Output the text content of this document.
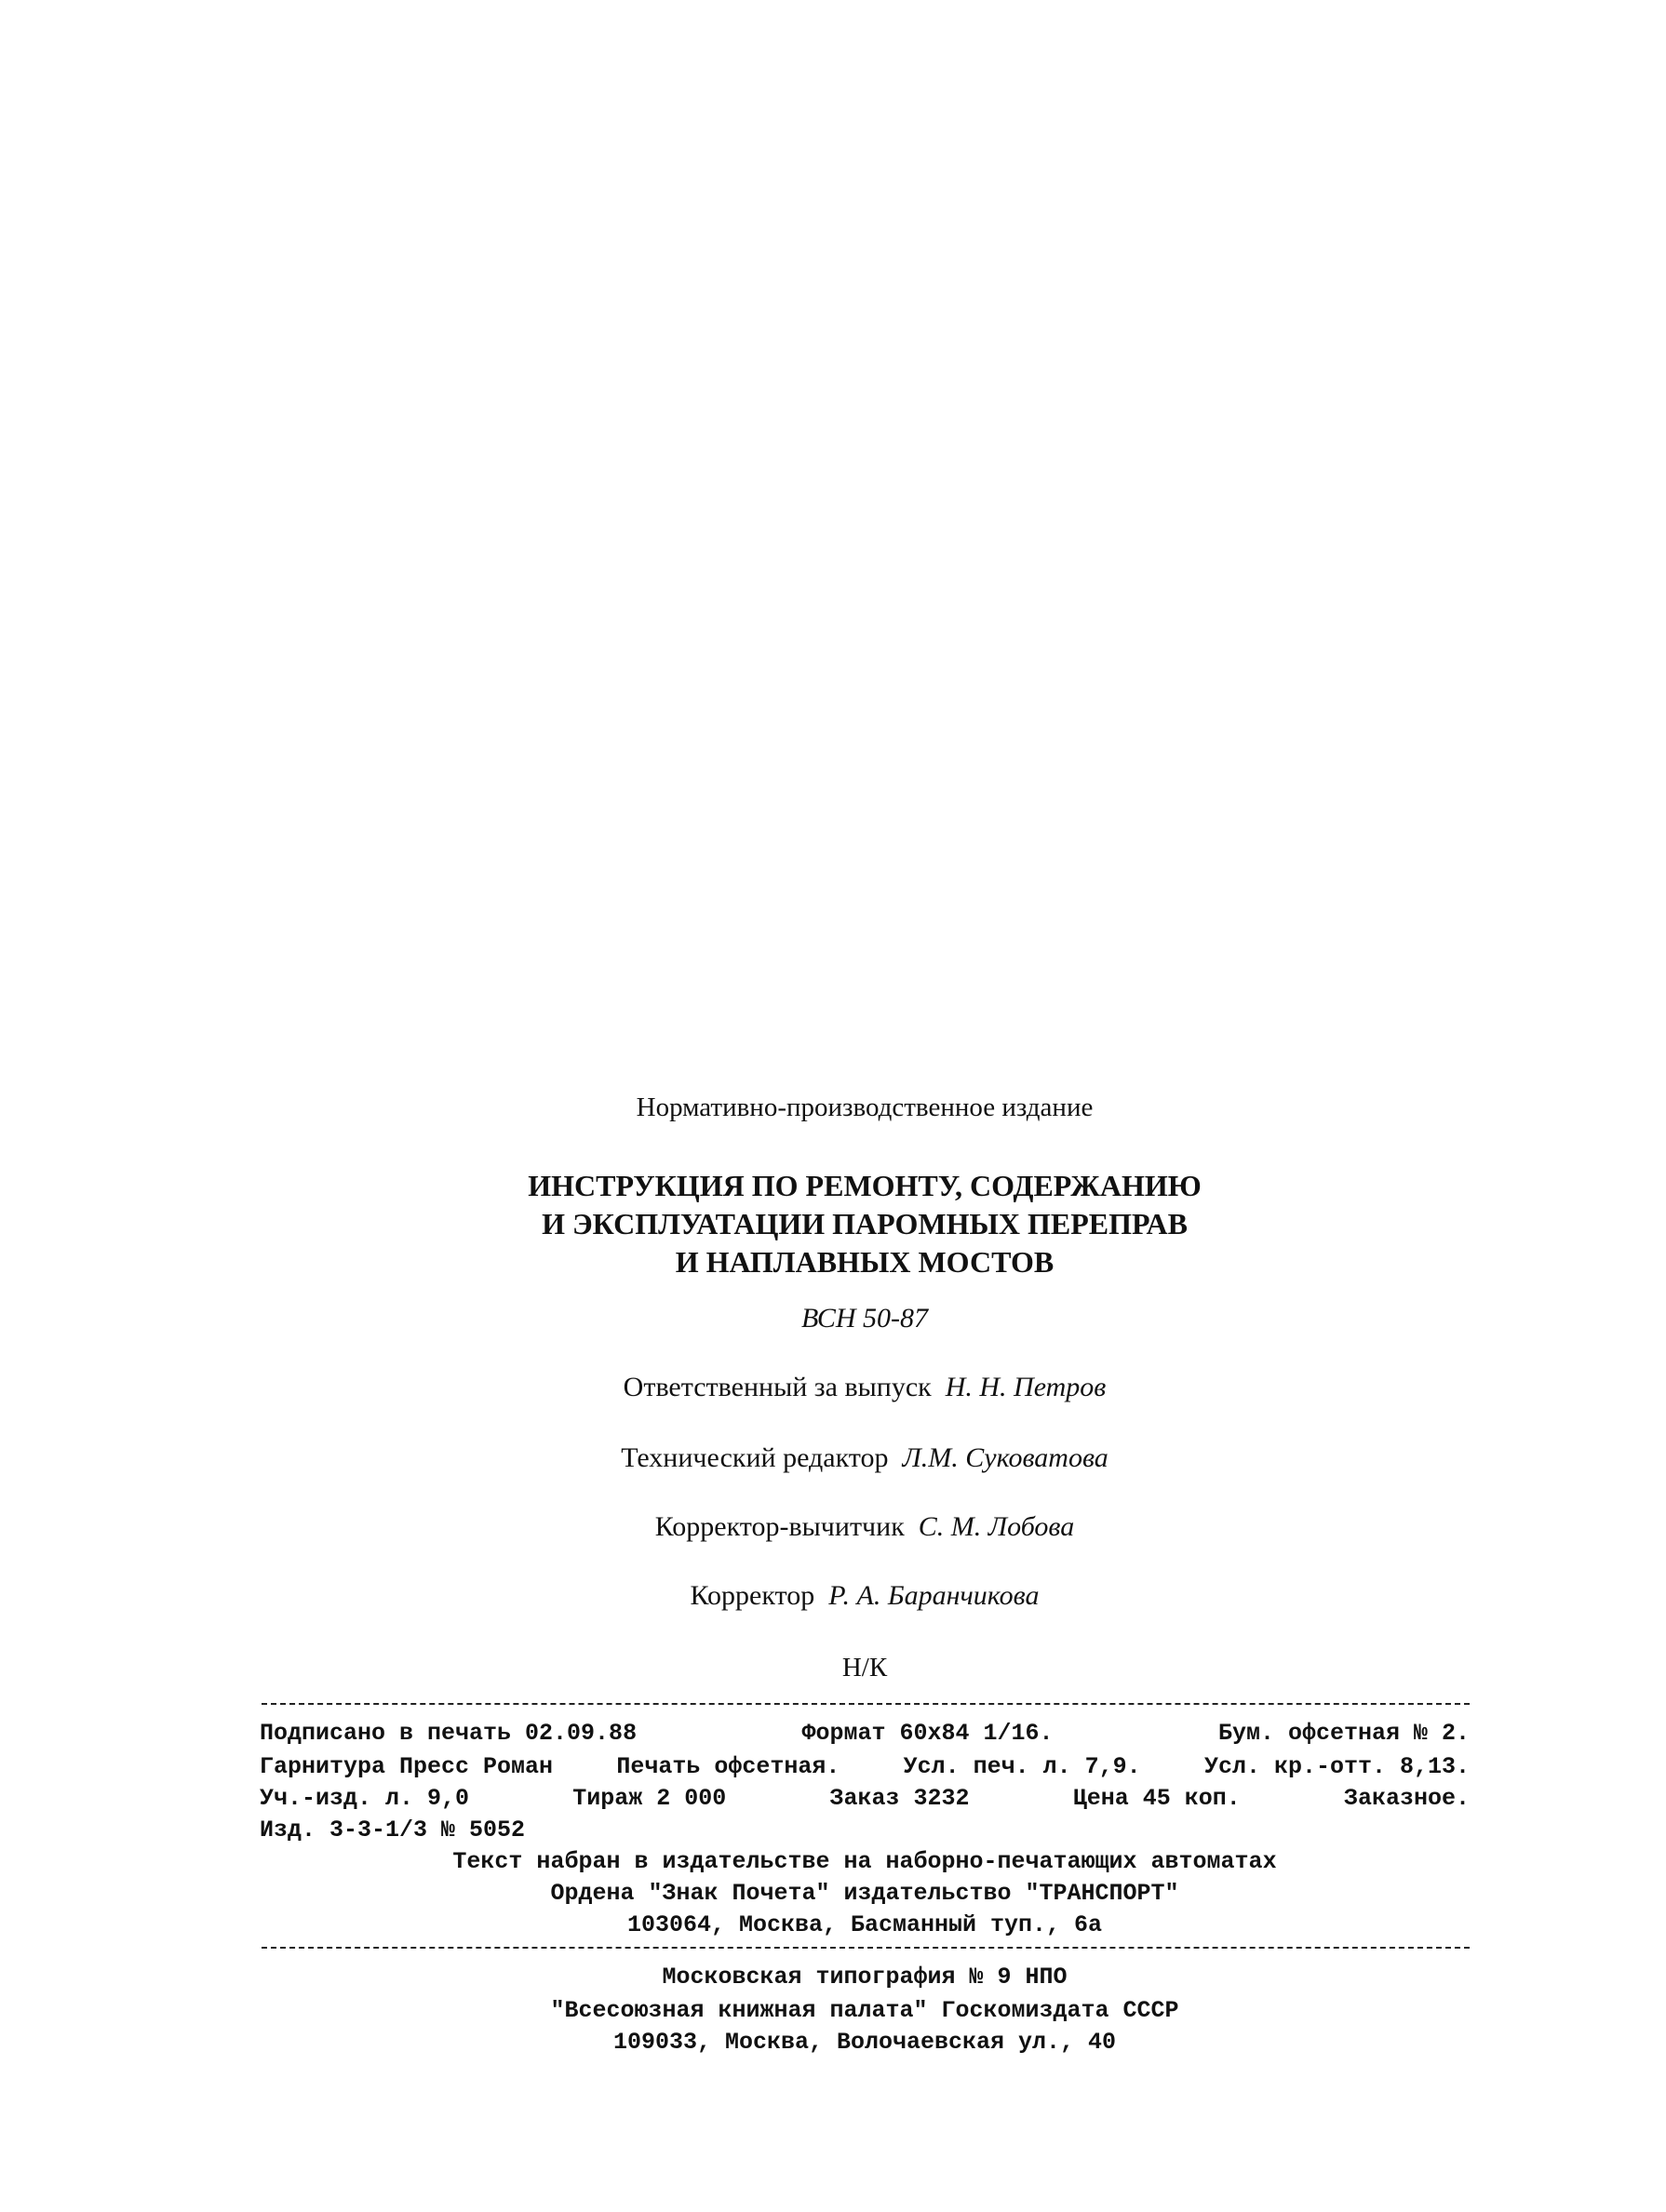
Нормативно-производственное издание
ИНСТРУКЦИЯ ПО РЕМОНТУ, СОДЕРЖАНИЮ
И ЭКСПЛУАТАЦИИ ПАРОМНЫХ ПЕРЕПРАВ
И НАПЛАВНЫХ МОСТОВ
ВСН 50-87
Ответственный за выпуск Н. Н. Петров
Технический редактор Л.М. Суковатова
Корректор-вычитчик С. М. Лобова
Корректор Р. А. Баранчикова
Н/К
Подписано в печать 02.09.88	Формат 60х84 1/16.	Бум. офсетная № 2.
Гарнитура Пресс Роман	Печать офсетная.	Усл. печ. л. 7,9.	Усл. кр.-отт. 8,13.
Уч.-изд. л. 9,0	Тираж 2 000	Заказ 3232	Цена 45 коп.	Заказное.
Изд. 3-3-1/3 № 5052
Текст набран в издательстве на наборно-печатающих автоматах
Ордена "Знак Почета" издательство "ТРАНСПОРТ"
103064, Москва, Басманный туп., 6а
Московская типография № 9 НПО
"Всесоюзная книжная палата" Госкомиздата СССР
109033, Москва, Волочаевская ул., 40
